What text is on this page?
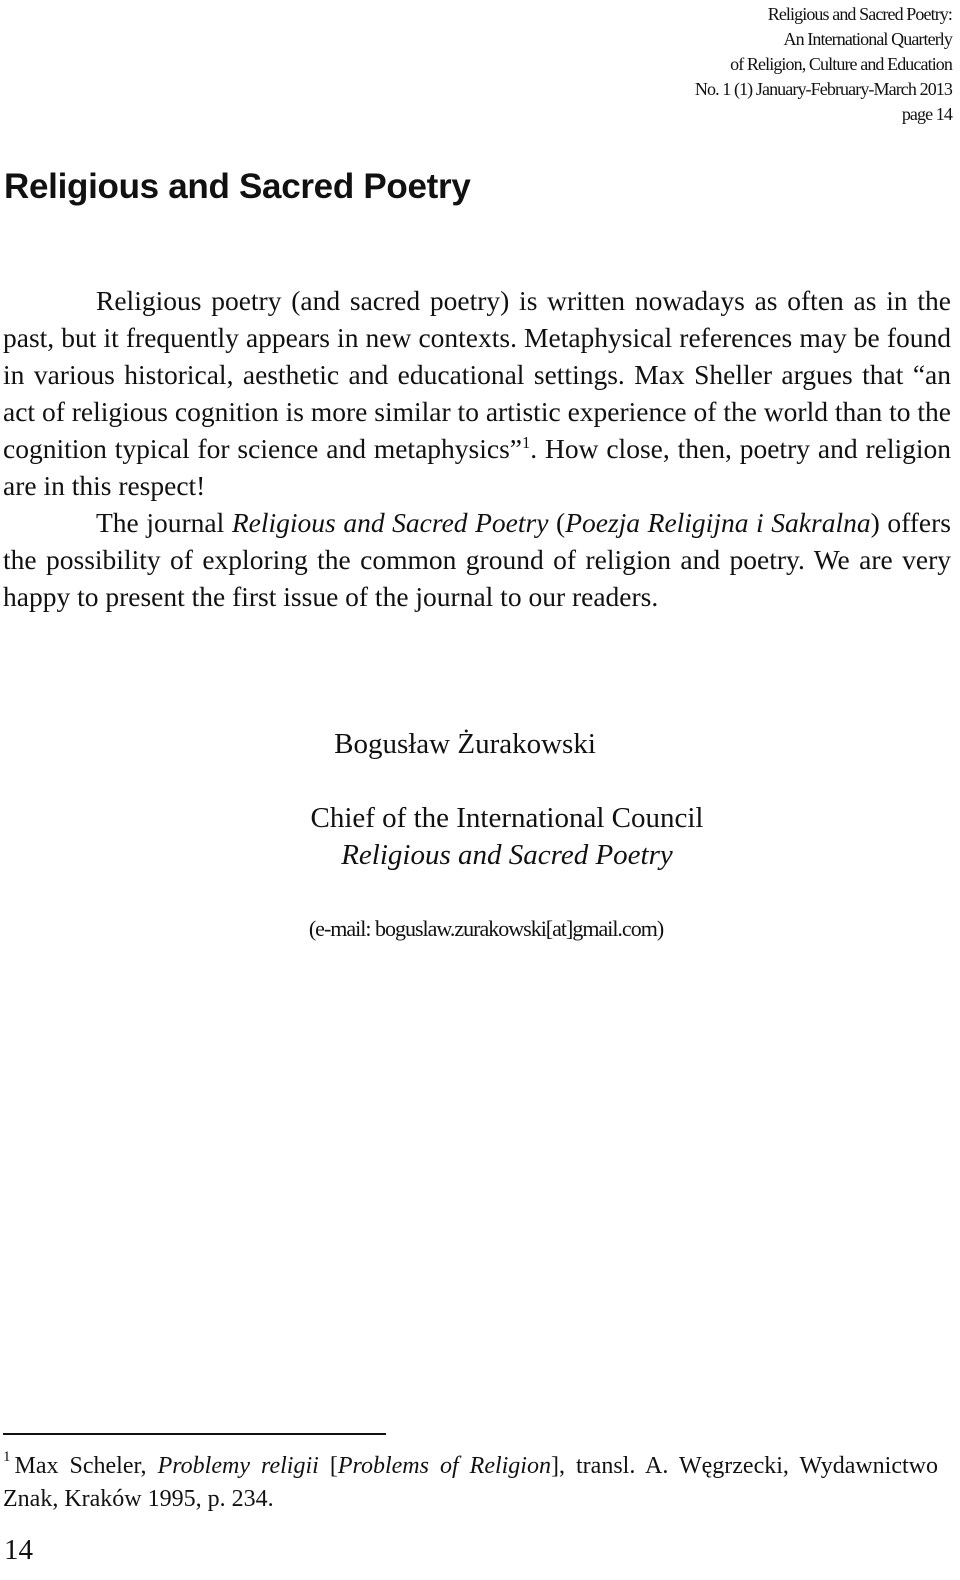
Religious and Sacred Poetry:
An International Quarterly
of Religion, Culture and Education
No. 1 (1) January-February-March 2013
page 14
Religious and Sacred Poetry

Religious poetry (and sacred poetry) is written nowadays as often as in the past, but it frequently appears in new contexts. Metaphysical references may be found in various historical, aesthetic and educational settings. Max Sheller argues that “an act of religious cognition is more similar to artistic experience of the world than to the cognition typical for science and metaphysics”$^1$. How close, then, poetry and religion are in this respect!

The journal Religious and Sacred Poetry (Poezja Religijna i Sakralna) offers the possibility of exploring the common ground of religion and poetry. We are very happy to present the first issue of the journal to our readers.

Bogusław Żurakowski
Chief of the International Council
Religious and Sacred Poetry
(e-mail: boguslaw.zurakowski[at]gmail.com)
$^1$ Max Scheler, Problemy religii [Problems of Religion], transl. A. Węgrzecki, Wydawnictwo Znak, Kraków 1995, p. 234.
14
